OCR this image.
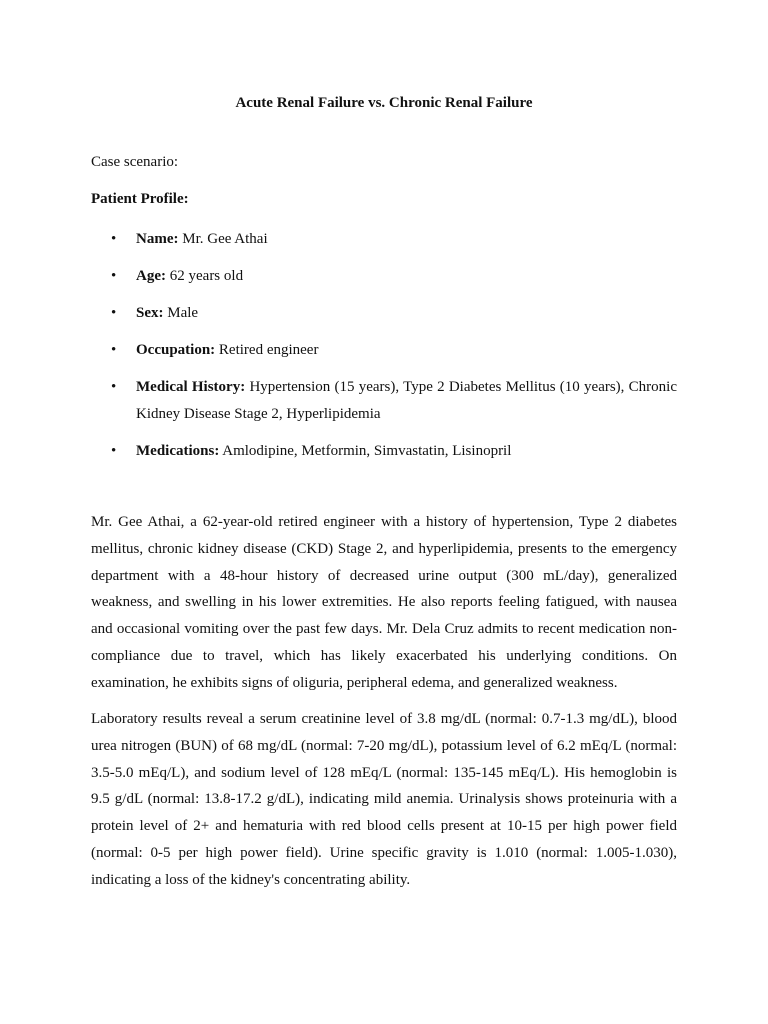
Acute Renal Failure vs. Chronic Renal Failure

Case scenario:

Patient Profile:

• Name: Mr. Gee Athai
• Age: 62 years old
• Sex: Male
• Occupation: Retired engineer
• Medical History: Hypertension (15 years), Type 2 Diabetes Mellitus (10 years), Chronic Kidney Disease Stage 2, Hyperlipidemia
• Medications: Amlodipine, Metformin, Simvastatin, Lisinopril

Mr. Gee Athai, a 62-year-old retired engineer with a history of hypertension, Type 2 diabetes mellitus, chronic kidney disease (CKD) Stage 2, and hyperlipidemia, presents to the emergency department with a 48-hour history of decreased urine output (300 mL/day), generalized weakness, and swelling in his lower extremities. He also reports feeling fatigued, with nausea and occasional vomiting over the past few days. Mr. Dela Cruz admits to recent medication non-compliance due to travel, which has likely exacerbated his underlying conditions. On examination, he exhibits signs of oliguria, peripheral edema, and generalized weakness.

Laboratory results reveal a serum creatinine level of 3.8 mg/dL (normal: 0.7-1.3 mg/dL), blood urea nitrogen (BUN) of 68 mg/dL (normal: 7-20 mg/dL), potassium level of 6.2 mEq/L (normal: 3.5-5.0 mEq/L), and sodium level of 128 mEq/L (normal: 135-145 mEq/L). His hemoglobin is 9.5 g/dL (normal: 13.8-17.2 g/dL), indicating mild anemia. Urinalysis shows proteinuria with a protein level of 2+ and hematuria with red blood cells present at 10-15 per high power field (normal: 0-5 per high power field). Urine specific gravity is 1.010 (normal: 1.005-1.030), indicating a loss of the kidney's concentrating ability.
